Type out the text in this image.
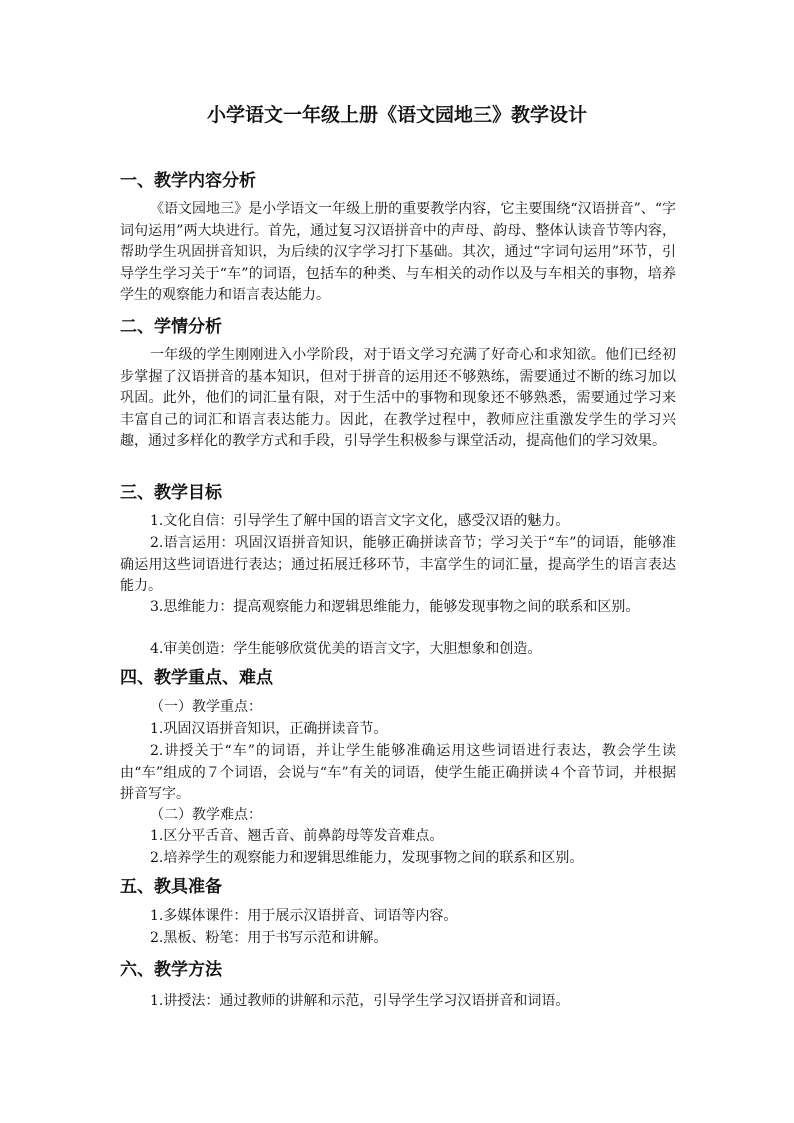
小学语文一年级上册《语文园地三》教学设计
一、教学内容分析
《语文园地三》是小学语文一年级上册的重要教学内容，它主要围绕“汉语拼音”、“字词句运用”两大块进行。首先，通过复习汉语拼音中的声母、韵母、整体认读音节等内容，帮助学生巩固拼音知识，为后续的汉字学习打下基础。其次，通过“字词句运用”环节，引导学生学习关于“车”的词语，包括车的种类、与车相关的动作以及与车相关的事物，培养学生的观察能力和语言表达能力。
二、学情分析
一年级的学生刚刚进入小学阶段，对于语文学习充满了好奇心和求知欲。他们已经初步掌握了汉语拼音的基本知识，但对于拼音的运用还不够熟练，需要通过不断的练习加以巩固。此外，他们的词汇量有限，对于生活中的事物和现象还不够熟悉，需要通过学习来丰富自己的词汇和语言表达能力。因此，在教学过程中，教师应注重激发学生的学习兴趣，通过多样化的教学方式和手段，引导学生积极参与课堂活动，提高他们的学习效果。
三、教学目标
1.文化自信：引导学生了解中国的语言文字文化，感受汉语的魅力。
2.语言运用：巩固汉语拼音知识，能够正确拼读音节；学习关于“车”的词语，能够准确运用这些词语进行表达；通过拓展迁移环节，丰富学生的词汇量，提高学生的语言表达能力。
3.思维能力：提高观察能力和逻辑思维能力，能够发现事物之间的联系和区别。
4.审美创造：学生能够欣赏优美的语言文字，大胆想象和创造。
四、教学重点、难点
（一）教学重点：
1.巩固汉语拼音知识，正确拼读音节。
2.讲授关于“车”的词语，并让学生能够准确运用这些词语进行表达，教会学生读由“车”组成的７个词语，会说与“车”有关的词语，使学生能正确拼读４个音节词，并根据拼音写字。
（二）教学难点：
1.区分平舌音、翘舌音、前鼻韵母等发音难点。
2.培养学生的观察能力和逻辑思维能力，发现事物之间的联系和区别。
五、教具准备
1.多媒体课件：用于展示汉语拼音、词语等内容。
2.黑板、粉笔：用于书写示范和讲解。
六、教学方法
1.讲授法：通过教师的讲解和示范，引导学生学习汉语拼音和词语。
